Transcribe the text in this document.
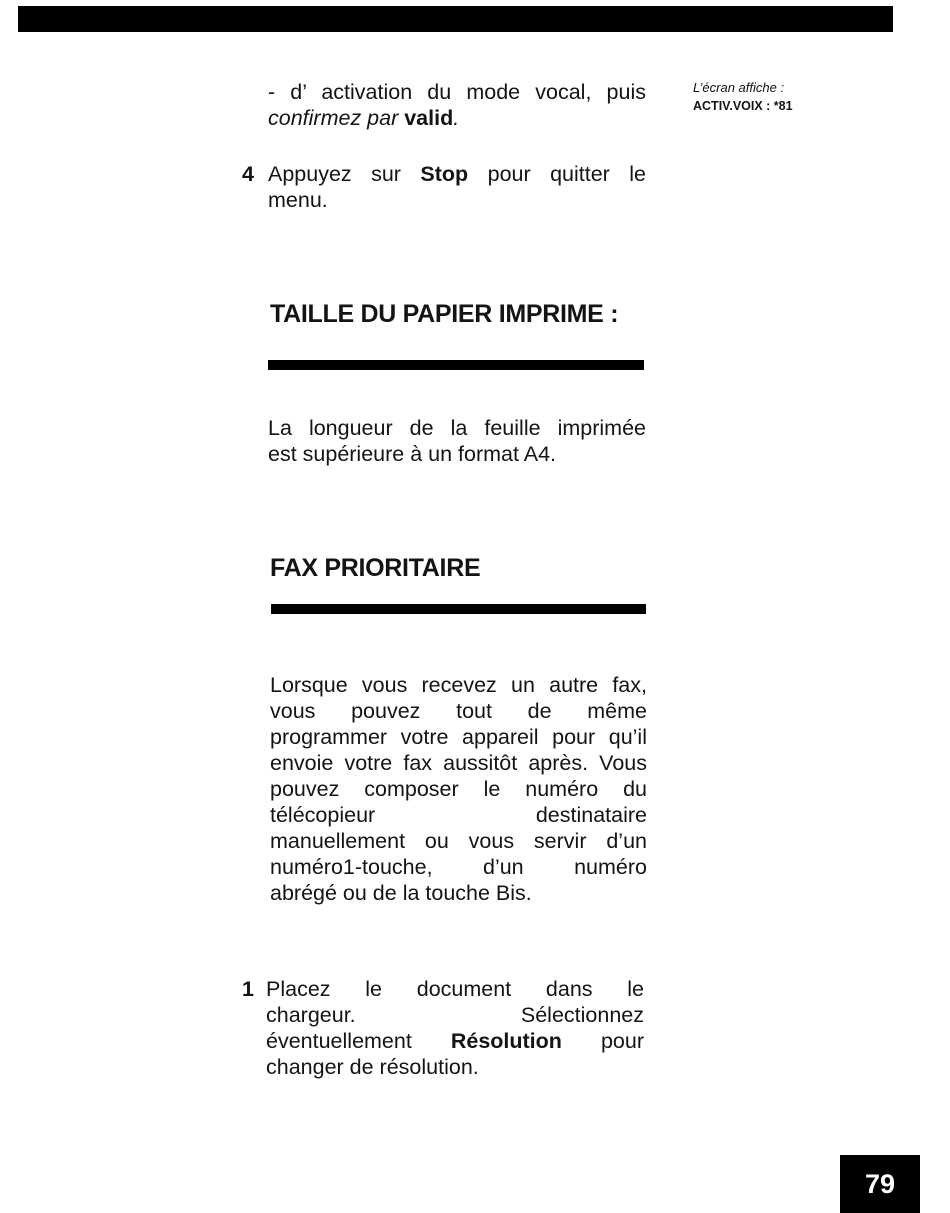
- d’ activation du mode vocal, puis
confirmez par valid.
L’écran affiche :
ACTIV.VOIX : *81
4 Appuyez sur Stop pour quitter le
menu.
TAILLE DU PAPIER IMPRIME :
La longueur de la feuille imprimée
est supérieure à un format A4.
FAX PRIORITAIRE
Lorsque vous recevez un autre fax,
vous pouvez tout de même
programmer votre appareil pour qu’il
envoie votre fax aussitôt après. Vous
pouvez composer le numéro du
télécopieur destinataire
manuellement ou vous servir d’un
numéro1-touche, d’un numéro
abrégé ou de la touche Bis.
1 Placez le document dans le
chargeur. Sélectionnez
éventuellement Résolution pour
changer de résolution.
79
